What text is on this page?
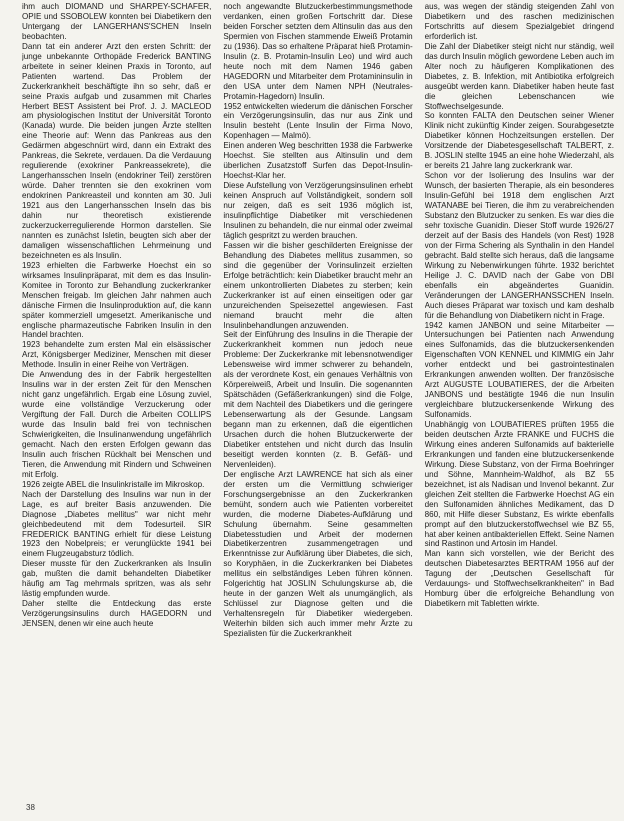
ihm auch DIOMAND und SHARPEY-SCHAFER, OPIE und SSOBOLEW konnten bei Diabetikern den Untergang der LANGERHANS'SCHEN Inseln beobachten.

Dann tat ein anderer Arzt den ersten Schritt: der junge unbekannte Orthopäde Frederick BANTING arbeitete in seiner kleinen Praxis in Toronto, auf Patienten wartend. Das Problem der Zuckerkrankheit beschäftigte ihn so sehr, daß er seine Praxis aufgab und zusammen mit Charles Herbert BEST Assistent bei Prof. J. J. MACLEOD am physiologischen Institut der Universität Toronto (Kanada) wurde. Die beiden jungen Ärzte stellten eine Theorie auf: Wenn das Pankreas aus den Gedärmen abgeschnürt wird, dann ein Extrakt des Pankreas, die Sekrete, verdauen. Da die Verdauung regulierende (exokriner Pankreassekrete), die Langerhansschen Inseln (endokriner Teil) zerstören würde. Daher trennten sie den exokrinen vom endokrinen Pankreasteil und konnten am 30. Juli 1921 aus den Langerhansschen Inseln das bis dahin nur theoretisch existierende zuckerzuckerregulierende Hormon darstellen. Sie nannten es zunächst Isletin, beugten sich aber der damaligen wissenschaftlichen Lehrmeinung und bezeichneten es als Insulin.

1923 erhielten die Farbwerke Hoechst ein so wirksames Insulinpräparat, mit dem es das Insulin-Komitee in Toronto zur Behandlung zuckerkranker Menschen freigab. Im gleichen Jahr nahmen auch dänische Firmen die Insulinproduktion auf, die kann später kommerziell umgesetzt. Amerikanische und englische pharmazeutische Fabriken Insulin in den Handel brachten.

1923 behandelte zum ersten Mal ein elsässischer Arzt, Königsberger Mediziner, Menschen mit dieser Methode. Insulin in einer Reihe von Verträgen.

Die Anwendung des in der Fabrik hergestellten Insulins war in der ersten Zeit für den Menschen nicht ganz ungefährlich. Ergab eine Lösung zuviel, wurde eine vollständige Verzuckerung oder Vergiftung der Fall. Durch die Arbeiten COLLIPS wurde das Insulin bald frei von technischen Schwierigkeiten, die Insulinanwendung ungefährlich gemacht. Nach den ersten Erfolgen gewann das Insulin auch frischen Rückhalt bei Menschen und Tieren, die Anwendung mit Rindern und Schweinen mit Erfolg.

1926 zeigte ABEL die Insulinkristalle im Mikroskop.

Nach der Darstellung des Insulins war nun in der Lage, es auf breiter Basis anzuwenden. Die Diagnose „Diabetes mellitus" war nicht mehr gleichbedeutend mit dem Todesurteil. SIR FREDERICK BANTING erhielt für diese Leistung 1923 den Nobelpreis; er verunglückte 1941 bei einem Flugzeugabsturz tödlich.

Dieser musste für den Zuckerkranken als Insulin gab, mußten die damit behandelten Diabetiker häufig am Tag mehrmals spritzen, was als sehr lästig empfunden wurde.

Daher stellte die Entdeckung das erste Verzögerungsinsulins durch HAGEDORN und JENSEN, denen wir eine auch heute

noch angewandte Blutzuckerbestimmungsmethode verdanken, einen großen Fortschritt dar. Diese beiden Forscher setzten dem Altinsulin das aus den Spermien von Fischen stammende Eiweiß Protamin zu (1936). Das so erhaltene Präparat hieß Protamin-Insulin (z. B. Protamin-Insulin Leo) und wird auch heute noch mit dem Namen 1946 gaben HAGEDORN und Mitarbeiter dem Protamininsulin in den USA unter dem Namen NPH (Neutrales-Protamin-Hagedorn) Insulin.

1952 entwickelten wiederum die dänischen Forscher ein Verzögerungsinsulin, das nur aus Zink und Insulin besteht (Lente Insulin der Firma Novo, Kopenhagen — Malmö).

Einen anderen Weg beschritten 1938 die Farbwerke Hoechst. Sie stellten aus Altinsulin und dem überlichen Zusatzstoff Surfen das Depot-Insulin-Hoechst-Klar her.

Diese Aufstellung von Verzögerungsinsulinen erhebt keinen Anspruch auf Vollständigkeit, sondern soll nur zeigen, daß es seit 1936 möglich ist, insulinpflichtige Diabetiker mit verschiedenen Insulinen zu behandeln, die nur einmal oder zweimal täglich gespritzt zu werden brauchen.

Fassen wir die bisher geschilderten Ereignisse der Behandlung des Diabetes mellitus zusammen, so sind die gegenüber der Vorinsulinzeit erzielten Erfolge beträchtlich: kein Diabetiker braucht mehr an einem unkontrollierten Diabetes zu sterben; kein Zuckerkranker ist auf einen einseitigen oder gar unzureichenden Speisezettel angewiesen. Fast niemand braucht mehr die alten Insulinbehandlungen anzuwenden.

Seit der Einführung des Insulins in die Therapie der Zuckerkrankheit kommen nun jedoch neue Probleme: Der Zuckerkranke mit lebensnotwendiger Lebensweise wird immer schwerer zu behandeln, als der verordnete Kost, ein genaues Verhältnis von Körpereiweiß, Arbeit und Insulin. Die sogenannten Spätschäden (Gefäßerkrankungen) sind die Folge, mit dem Nachteil des Diabetikers und die geringere Lebenserwartung als der Gesunde. Langsam begann man zu erkennen, daß die eigentlichen Ursachen durch die hohen Blutzuckerwerte der Diabetiker entstehen und nicht durch das Insulin beseitigt werden konnten (z. B. Gefäß- und Nervenleiden).

Der englische Arzt LAWRENCE hat sich als einer der ersten um die Vermittlung schwieriger Forschungsergebnisse an den Zuckerkranken bemüht, sondern auch wie Patienten vorbereitet wurden, die moderne Diabetes-Aufklärung und Schulung übernahm. Seine gesammelten Diabetesstudien und Arbeit der modernen Diabetikerzentren zusammengetragen und Erkenntnisse zur Aufklärung über Diabetes, die sich, so Koryphäen, in die Zuckerkranken bei Diabetes mellitus ein selbständiges Leben führen können. Folgerichtig hat JOSLIN Schulungskurse ab, die heute in der ganzen Welt als unumgänglich, als Schlüssel zur Diagnose gelten und die Verhaltensregeln für Diabetiker wiedergeben. Weiterhin bilden sich auch immer mehr Ärzte zu Spezialisten für die Zuckerkrankheit

aus, was wegen der ständig steigenden Zahl von Diabetikern und des raschen medizinischen Fortschritts auf diesem Spezialgebiet dringend erforderlich ist.

Die Zahl der Diabetiker steigt nicht nur ständig, weil das durch Insulin möglich gewordene Leben auch im Alter noch zu häufigeren Komplikationen des Diabetes, z. B. Infektion, mit Antibiotika erfolgreich ausgeübt werden kann. Diabetiker haben heute fast die gleichen Lebenschancen wie Stoffwechselgesunde.

So konnten FALTA den Deutschen seiner Wiener Klinik nicht zukünftig Kinder zeigen. Sourabgesetzte Diabetiker können Hochzeitsungen erstellen. Der Vorsitzende der Diabetesgesellschaft TALBERT, z. B. JOSLIN stellte 1945 an eine hohe Wiederzahl, als er bereits 21 Jahre lang zuckerkrank war.

Schon vor der Isolierung des Insulins war der Wunsch, der basierten Therapie, als ein besonderes Insulin-Gefühl bei 1918 dem englischen Arzt WATANABE bei Tieren, die ihm zu verabreichenden Substanz den Blutzucker zu senken. Es war dies die sehr toxische Guanidin. Dieser Stoff wurde 1926/27 derzeit auf der Basis des Handels (von Rest) 1928 von der Firma Schering als Synthalin in den Handel gebracht. Bald stellte sich heraus, daß die langsame Wirkung zu Nebenwirkungen führte. 1932 berichtet Heilige J. C. DAVID nach der Gabe von DBI ebenfalls ein abgeändertes Guanidin. Veränderungen der LANGERHANSSCHEN Inseln. Auch dieses Präparat war toxisch und kam deshalb für die Behandlung von Diabetikern nicht in Frage.

1942 kamen JANBON und seine Mitarbeiter — Untersuchungen bei Patienten nach Anwendung eines Sulfonamids, das die blutzuckersenkenden Eigenschaften VON KENNEL und KIMMIG ein Jahr vorher entdeckt und bei gastrointestinalen Erkrankungen anwenden wollten. Der französische Arzt AUGUSTE LOUBATIERES, der die Arbeiten JANBONS und bestätigte 1946 die nun Insulin vergleichbare blutzuckersenkende Wirkung des Sulfonamids.

Unabhängig von LOUBATIERES prüften 1955 die beiden deutschen Ärzte FRANKE und FUCHS die Wirkung eines anderen Sulfonamids auf bakterielle Erkrankungen und fanden eine blutzuckersenkende Wirkung. Diese Substanz, von der Firma Boehringer und Söhne, Mannheim-Waldhof, als BZ 55 bezeichnet, ist als Nadisan und Invenol bekannt. Zur gleichen Zeit stellten die Farbwerke Hoechst AG ein den Sulfonamiden ähnliches Medikament, das D 860, mit Hilfe dieser Substanz, Es wirkte ebenfalls prompt auf den blutzuckerstoffwechsel wie BZ 55, hat aber keinen antibakteriellen Effekt. Seine Namen sind Rastinon und Artosin im Handel.

Man kann sich vorstellen, wie der Bericht des deutschen Diabetesarztes BERTRAM 1956 auf der Tagung der „Deutschen Gesellschaft für Verdauungs- und Stoffwechselkrankheiten" in Bad Homburg über die erfolgreiche Behandlung von Diabetikern mit Tabletten wirkte.

38
